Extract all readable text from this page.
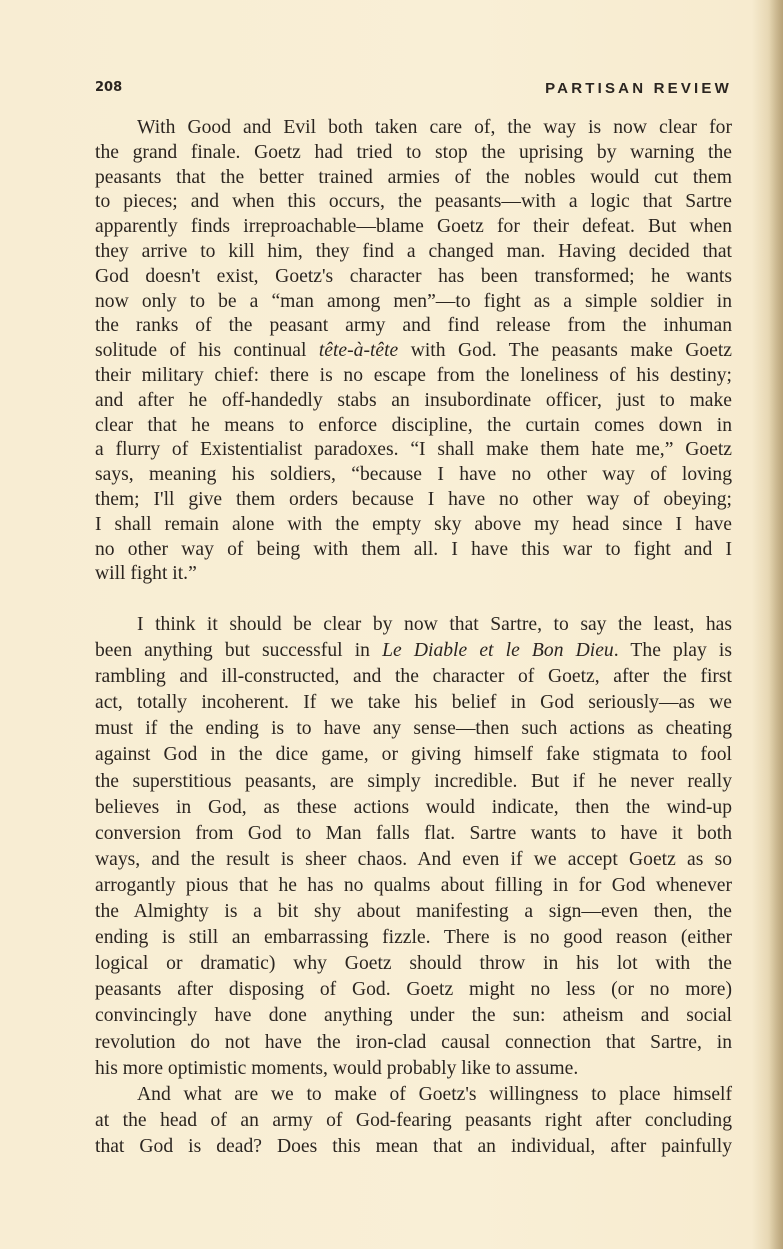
208	PARTISAN REVIEW
With Good and Evil both taken care of, the way is now clear for
the grand finale. Goetz had tried to stop the uprising by warning the
peasants that the better trained armies of the nobles would cut them
to pieces; and when this occurs, the peasants—with a logic that Sartre
apparently finds irreproachable—blame Goetz for their defeat. But when
they arrive to kill him, they find a changed man. Having decided that
God doesn't exist, Goetz's character has been transformed; he wants
now only to be a “man among men”—to fight as a simple soldier in
the ranks of the peasant army and find release from the inhuman
solitude of his continual tête-à-tête with God. The peasants make Goetz
their military chief: there is no escape from the loneliness of his destiny;
and after he off-handedly stabs an insubordinate officer, just to make
clear that he means to enforce discipline, the curtain comes down in
a flurry of Existentialist paradoxes. “I shall make them hate me,” Goetz
says, meaning his soldiers, “because I have no other way of loving
them; I'll give them orders because I have no other way of obeying;
I shall remain alone with the empty sky above my head since I have
no other way of being with them all. I have this war to fight and I
will fight it.”
I think it should be clear by now that Sartre, to say the least, has
been anything but successful in Le Diable et le Bon Dieu. The play is
rambling and ill-constructed, and the character of Goetz, after the first
act, totally incoherent. If we take his belief in God seriously—as we
must if the ending is to have any sense—then such actions as cheating
against God in the dice game, or giving himself fake stigmata to fool
the superstitious peasants, are simply incredible. But if he never really
believes in God, as these actions would indicate, then the wind-up
conversion from God to Man falls flat. Sartre wants to have it both
ways, and the result is sheer chaos. And even if we accept Goetz as so
arrogantly pious that he has no qualms about filling in for God whenever
the Almighty is a bit shy about manifesting a sign—even then, the
ending is still an embarrassing fizzle. There is no good reason (either
logical or dramatic) why Goetz should throw in his lot with the
peasants after disposing of God. Goetz might no less (or no more)
convincingly have done anything under the sun: atheism and social
revolution do not have the iron-clad causal connection that Sartre, in
his more optimistic moments, would probably like to assume.
And what are we to make of Goetz's willingness to place himself
at the head of an army of God-fearing peasants right after concluding
that God is dead? Does this mean that an individual, after painfully
